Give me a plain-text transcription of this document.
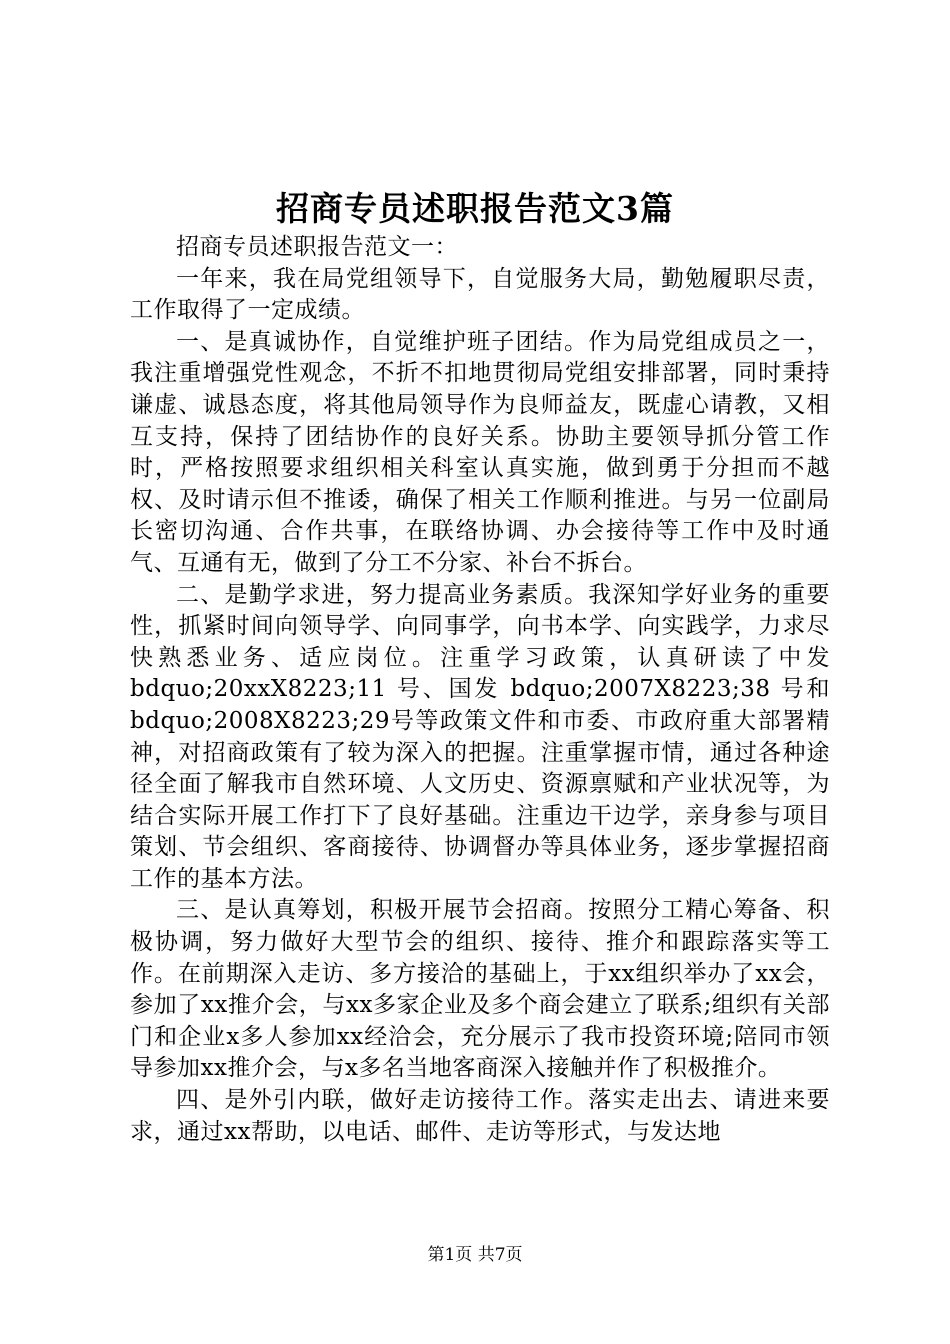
招商专员述职报告范文3篇

招商专员述职报告范文一：

一年来，我在局党组领导下，自觉服务大局，勤勉履职尽责，工作取得了一定成绩。

一、是真诚协作，自觉维护班子团结。作为局党组成员之一，我注重增强党性观念，不折不扣地贯彻局党组安排部署，同时秉持谦虚、诚恳态度，将其他局领导作为良师益友，既虚心请教，又相互支持，保持了团结协作的良好关系。协助主要领导抓分管工作时，严格按照要求组织相关科室认真实施，做到勇于分担而不越权、及时请示但不推诿，确保了相关工作顺利推进。与另一位副局长密切沟通、合作共事，在联络协调、办会接待等工作中及时通气、互通有无，做到了分工不分家、补台不拆台。

二、是勤学求进，努力提高业务素质。我深知学好业务的重要性，抓紧时间向领导学、向同事学，向书本学、向实践学，力求尽快熟悉业务、适应岗位。注重学习政策，认真研读了中发 bdquo;20xxX8223;11 号、国发 bdquo;2007X8223;38 号和bdquo;2008X8223;29号等政策文件和市委、市政府重大部署精神，对招商政策有了较为深入的把握。注重掌握市情，通过各种途径全面了解我市自然环境、人文历史、资源禀赋和产业状况等，为结合实际开展工作打下了良好基础。注重边干边学，亲身参与项目策划、节会组织、客商接待、协调督办等具体业务，逐步掌握招商工作的基本方法。

三、是认真筹划，积极开展节会招商。按照分工精心筹备、积极协调，努力做好大型节会的组织、接待、推介和跟踪落实等工作。在前期深入走访、多方接洽的基础上，于xx组织举办了xx会，参加了xx推介会，与xx多家企业及多个商会建立了联系;组织有关部门和企业x多人参加xx经洽会，充分展示了我市投资环境;陪同市领导参加xx推介会，与x多名当地客商深入接触并作了积极推介。

四、是外引内联，做好走访接待工作。落实走出去、请进来要求，通过xx帮助，以电话、邮件、走访等形式，与发达地

第1页 共7页
